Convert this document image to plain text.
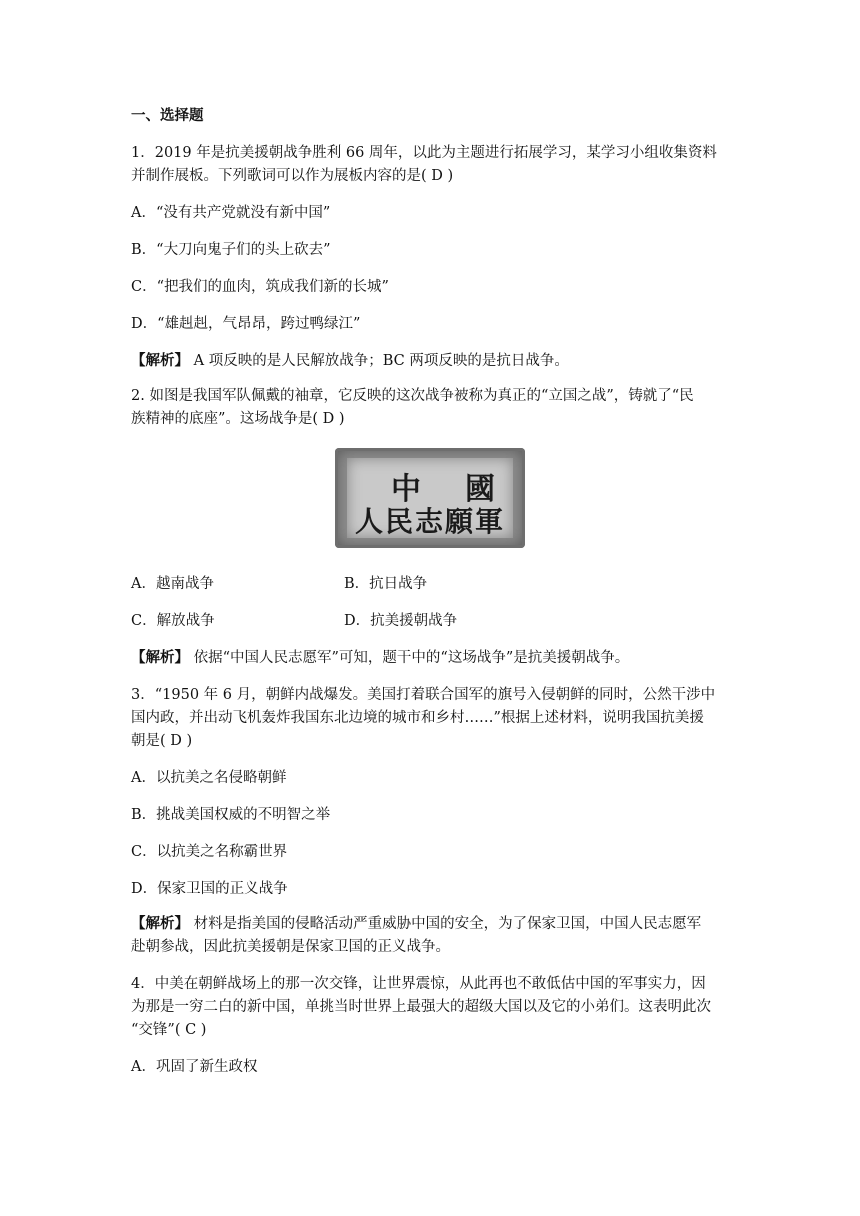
一、选择题
1．2019 年是抗美援朝战争胜利 66 周年，以此为主题进行拓展学习，某学习小组收集资料
并制作展板。下列歌词可以作为展板内容的是( D )
A．“没有共产党就没有新中国”
B．“大刀向鬼子们的头上砍去”
C．“把我们的血肉，筑成我们新的长城”
D．“雄赳赳，气昂昂，跨过鸭绿江”
【解析】 A 项反映的是人民解放战争；BC 两项反映的是抗日战争。
2. 如图是我国军队佩戴的袖章，它反映的这次战争被称为真正的“立国之战”，铸就了“民
族精神的底座”。这场战争是( D )
中國
人民志願軍
A．越南战争	B．抗日战争
C．解放战争	D．抗美援朝战争
【解析】 依据“中国人民志愿军”可知，题干中的“这场战争”是抗美援朝战争。
3．“1950 年 6 月，朝鲜内战爆发。美国打着联合国军的旗号入侵朝鲜的同时，公然干涉中
国内政，并出动飞机轰炸我国东北边境的城市和乡村……”根据上述材料，说明我国抗美援
朝是( D )
A．以抗美之名侵略朝鲜
B．挑战美国权威的不明智之举
C．以抗美之名称霸世界
D．保家卫国的正义战争
【解析】 材料是指美国的侵略活动严重威胁中国的安全，为了保家卫国，中国人民志愿军
赴朝参战，因此抗美援朝是保家卫国的正义战争。
4．中美在朝鲜战场上的那一次交锋，让世界震惊，从此再也不敢低估中国的军事实力，因
为那是一穷二白的新中国，单挑当时世界上最强大的超级大国以及它的小弟们。这表明此次
“交锋”( C )
A．巩固了新生政权
